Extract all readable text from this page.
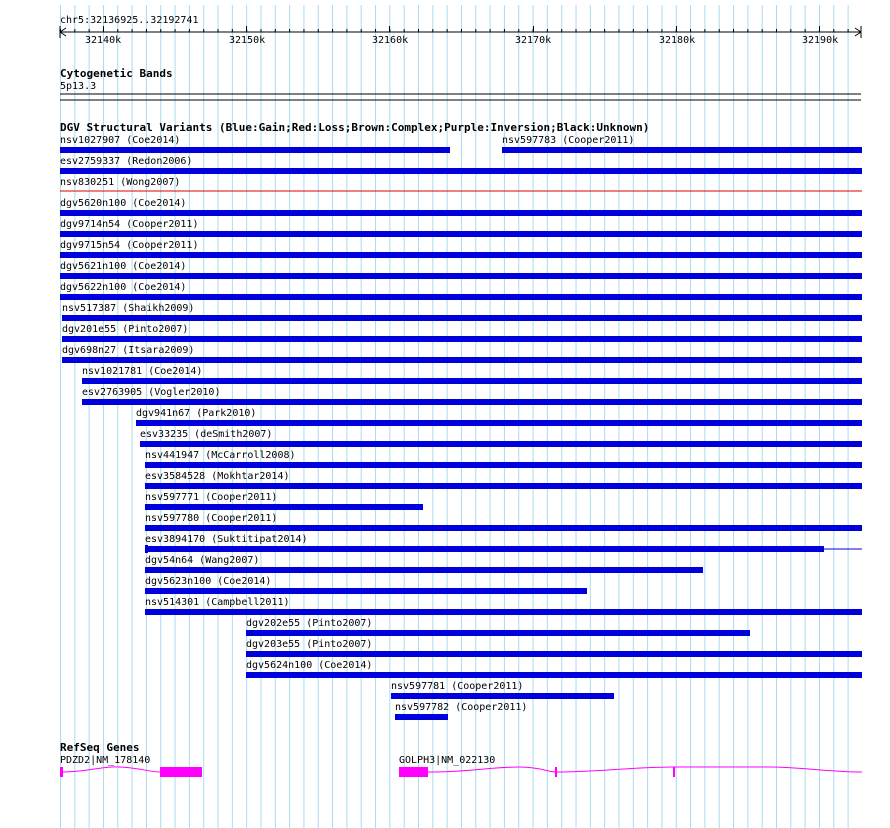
chr5:32136925..32192741
32140k	32150k	32160k	32170k	32180k	32190k
Cytogenetic Bands
5p13.3
DGV Structural Variants (Blue:Gain;Red:Loss;Brown:Complex;Purple:Inversion;Black:Unknown)
nsv1027907 (Coe2014)	nsv597783 (Cooper2011)
esv2759337 (Redon2006)
nsv830251 (Wong2007)
dgv5620n100 (Coe2014)
dgv9714n54 (Cooper2011)
dgv9715n54 (Cooper2011)
dgv5621n100 (Coe2014)
dgv5622n100 (Coe2014)
nsv517387 (Shaikh2009)
dgv201e55 (Pinto2007)
dgv698n27 (Itsara2009)
nsv1021781 (Coe2014)
esv2763905 (Vogler2010)
dgv941n67 (Park2010)
esv33235 (deSmith2007)
nsv441947 (McCarroll2008)
esv3584528 (Mokhtar2014)
nsv597771 (Cooper2011)
nsv597780 (Cooper2011)
esv3894170 (Suktitipat2014)
dgv54n64 (Wang2007)
dgv5623n100 (Coe2014)
nsv514301 (Campbell2011)
dgv202e55 (Pinto2007)
dgv203e55 (Pinto2007)
dgv5624n100 (Coe2014)
nsv597781 (Cooper2011)
nsv597782 (Cooper2011)
RefSeq Genes
PDZD2|NM_178140	GOLPH3|NM_022130
